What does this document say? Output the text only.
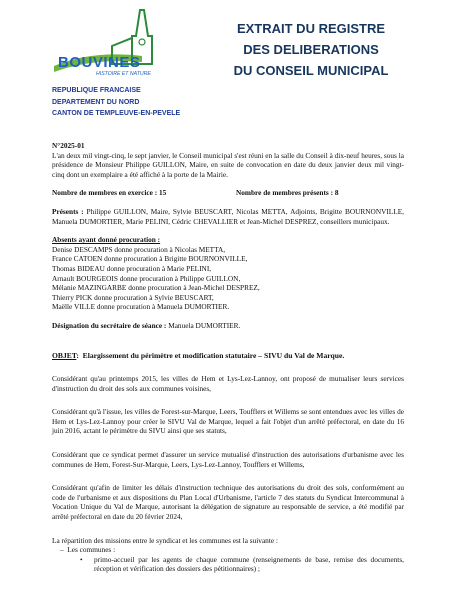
BOUVINES
HISTOIRE ET NATURE
EXTRAIT DU REGISTRE
DES DELIBERATIONS
DU CONSEIL MUNICIPAL
REPUBLIQUE FRANCAISE
DEPARTEMENT DU NORD
CANTON DE TEMPLEUVE-EN-PEVELE

N°2025-01

L'an deux mil vingt-cinq, le sept janvier, le Conseil municipal s'est réuni en la salle du Conseil à dix-neuf heures, sous la présidence de Monsieur Philippe GUILLON, Maire, en suite de convocation en date du deux janvier deux mil vingt-cinq dont un exemplaire a été affiché à la porte de la Mairie.

Nombre de membres en exercice : 15	Nombre de membres présents : 8

Présents : Philippe GUILLON, Maire, Sylvie BEUSCART, Nicolas METTA, Adjoints, Brigitte BOURNONVILLE, Manuela DUMORTIER, Marie PELINI, Cédric CHEVALLIER et Jean-Michel DESPREZ, conseillers municipaux.

Absents ayant donné procuration :

Denise DESCAMPS donne procuration à Nicolas METTA,
France CATOEN donne procuration à Brigitte BOURNONVILLE,
Thomas BIDEAU donne procuration à Marie PELINI,
Arnault BOURGEOIS donne procuration à Philippe GUILLON,
Mélanie MAZINGARBE donne procuration à Jean-Michel DESPREZ,
Thierry PICK donne procuration à Sylvie BEUSCART,
Maëlle VILLE donne procuration à Manuela DUMORTIER.

Désignation du secrétaire de séance : Manuela DUMORTIER.

OBJET:  Elargissement du périmètre et modification statutaire – SIVU du Val de Marque.

Considérant qu'au printemps 2015, les villes de Hem et Lys-Lez-Lannoy, ont proposé de mutualiser leurs services d'instruction du droit des sols aux communes voisines,

Considérant qu'à l'issue, les villes de Forest-sur-Marque, Leers, Toufflers et Willems se sont entendues avec les villes de Hem et Lys-Lez-Lannoy pour créer le SIVU Val de Marque, lequel a fait l'objet d'un arrêté préfectoral, en date du 16 juin 2016, actant le périmètre du SIVU ainsi que ses statuts,

Considérant que ce syndicat permet d'assurer un service mutualisé d'instruction des autorisations d'urbanisme avec les communes de Hem, Forest-Sur-Marque, Leers, Lys-Lez-Lannoy, Toufflers et Willems,

Considérant qu'afin de limiter les délais d'instruction technique des autorisations du droit des sols, conformément au code de l'urbanisme et aux dispositions du Plan Local d'Urbanisme, l'article 7 des statuts du Syndicat Intercommunal à Vocation Unique du Val de Marque, autorisant la délégation de signature au responsable de service, a été modifié par arrêté préfectoral en date du 20 février 2024,

La répartition des missions entre le syndicat et les communes est la suivante :

–  Les communes :
•	primo-accueil par les agents de chaque commune (renseignements de base, remise des documents, réception et vérification des dossiers des pétitionnaires) ;
